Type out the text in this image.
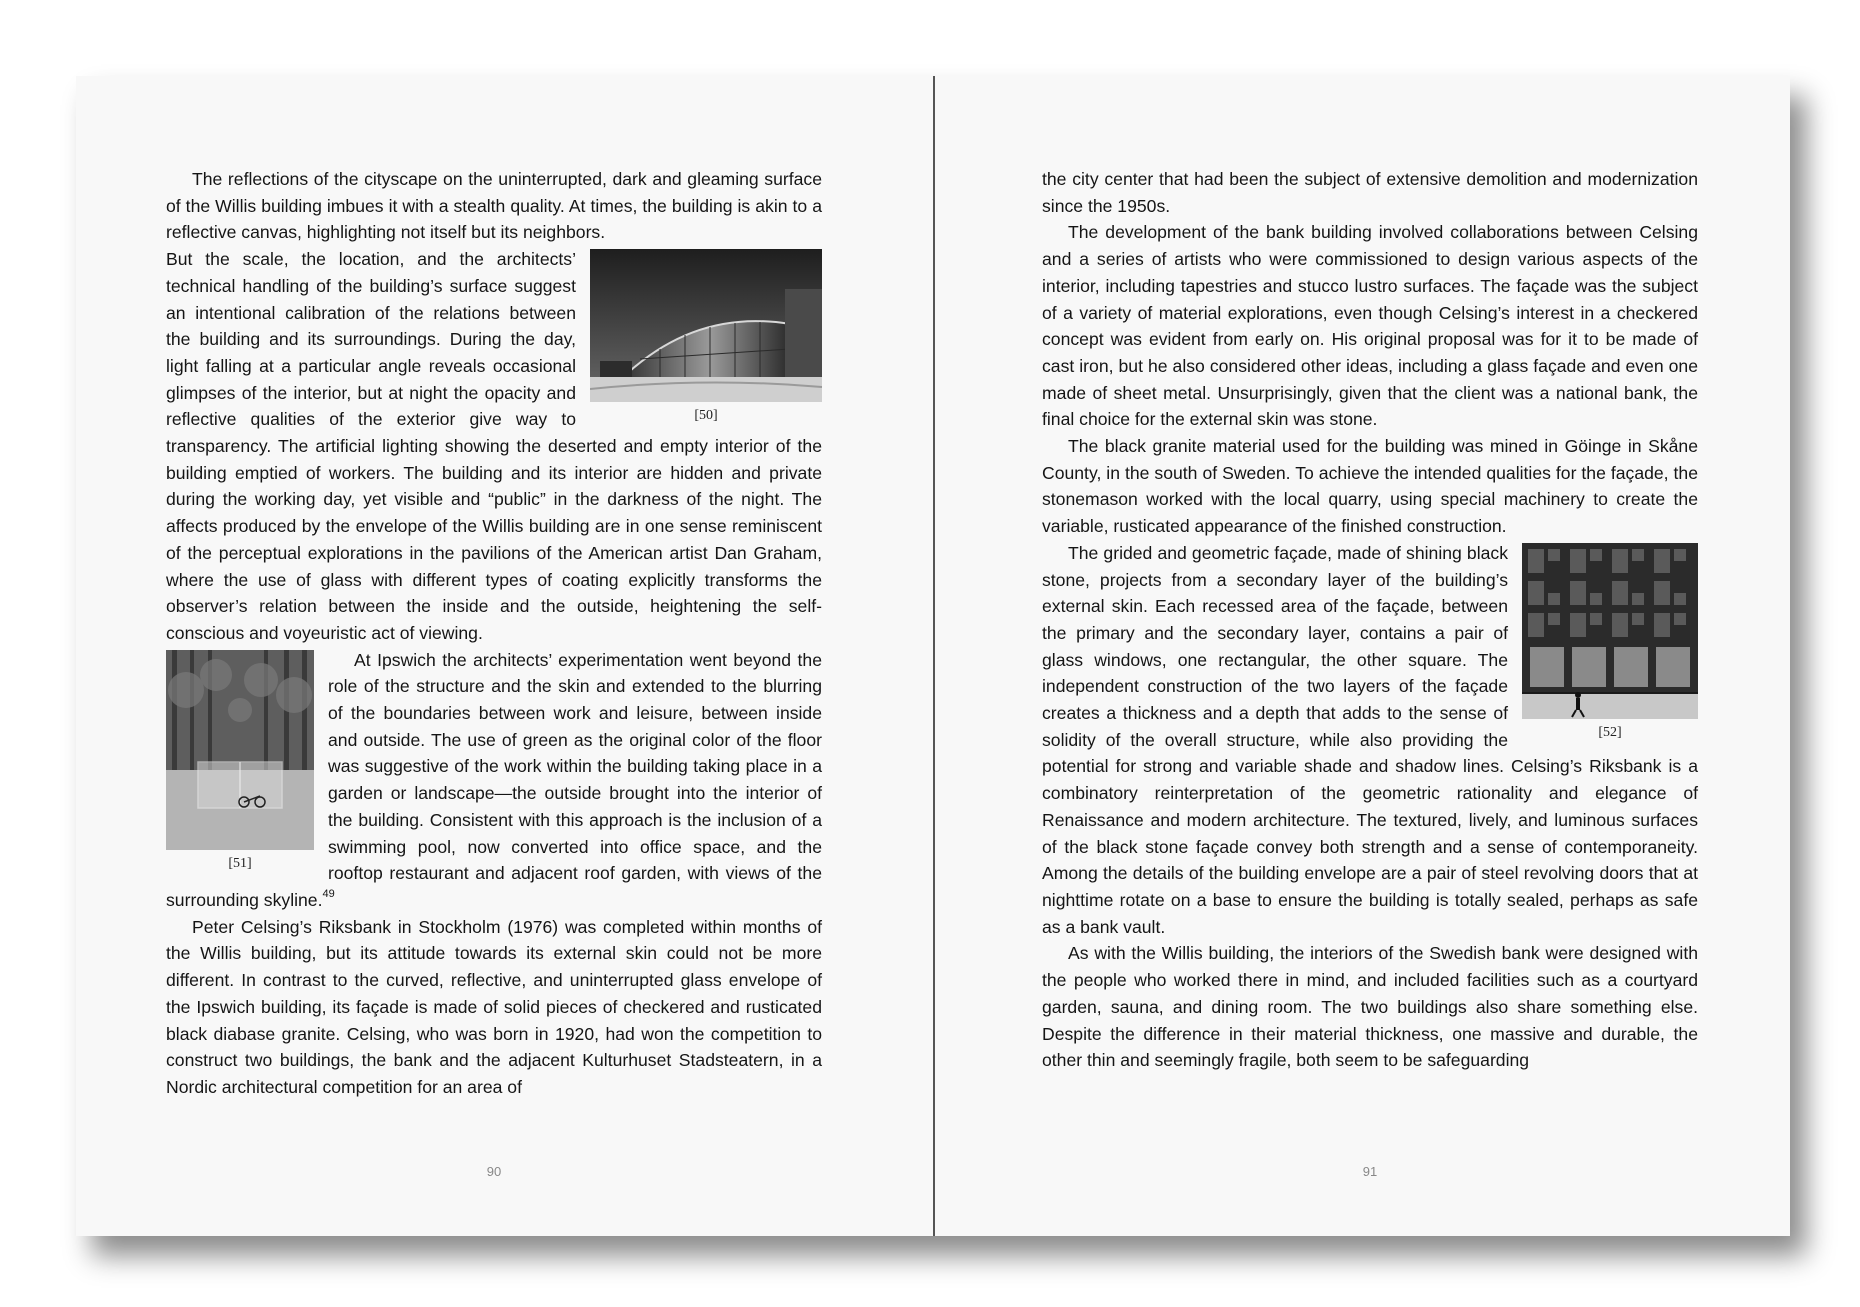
The reflections of the cityscape on the uninterrupted, dark and gleaming surface of the Willis building imbues it with a stealth quality. At times, the building is akin to a reflective canvas, highlighting not itself but its neighbors.

[50]

But the scale, the location, and the architects’ technical handling of the building’s surface suggest an intentional calibration of the relations between the building and its surroundings. During the day, light falling at a particular angle reveals occasional glimpses of the interior, but at night the opacity and reflective qualities of the exterior give way to transparency. The artificial lighting showing the deserted and empty interior of the building emptied of workers. The building and its interior are hidden and private during the working day, yet visible and “public” in the darkness of the night. The affects produced by the envelope of the Willis building are in one sense reminiscent of the perceptual explorations in the pavilions of the American artist Dan Graham, where the use of glass with different types of coating explicitly transforms the observer’s relation between the inside and the outside, heightening the self-conscious and voyeuristic act of viewing.

[51]

At Ipswich the architects’ experimentation went beyond the role of the structure and the skin and extended to the blurring of the boundaries between work and leisure, between inside and outside. The use of green as the original color of the floor was suggestive of the work within the building taking place in a garden or landscape—the outside brought into the interior of the building. Consistent with this approach is the inclusion of a swimming pool, now converted into office space, and the rooftop restaurant and adjacent roof garden, with views of the surrounding skyline.$^{49}$

Peter Celsing’s Riksbank in Stockholm (1976) was completed within months of the Willis building, but its attitude towards its external skin could not be more different. In contrast to the curved, reflective, and uninterrupted glass envelope of the Ipswich building, its façade is made of solid pieces of checkered and rusticated black diabase granite. Celsing, who was born in 1920, had won the competition to construct two buildings, the bank and the adjacent Kulturhuset Stadsteatern, in a Nordic architectural competition for an area of

90

the city center that had been the subject of extensive demolition and modernization since the 1950s.

The development of the bank building involved collaborations between Celsing and a series of artists who were commissioned to design various aspects of the interior, including tapestries and stucco lustro surfaces. The façade was the subject of a variety of material explorations, even though Celsing’s interest in a checkered concept was evident from early on. His original proposal was for it to be made of cast iron, but he also considered other ideas, including a glass façade and even one made of sheet metal. Unsurprisingly, given that the client was a national bank, the final choice for the external skin was stone.

The black granite material used for the building was mined in Göinge in Skåne County, in the south of Sweden. To achieve the intended qualities for the façade, the stonemason worked with the local quarry, using special machinery to create the variable, rusticated appearance of the finished construction.

[52]

The grided and geometric façade, made of shining black stone, projects from a secondary layer of the building’s external skin. Each recessed area of the façade, between the primary and the secondary layer, contains a pair of glass windows, one rectangular, the other square. The independent construction of the two layers of the façade creates a thickness and a depth that adds to the sense of solidity of the overall structure, while also providing the potential for strong and variable shade and shadow lines. Celsing’s Riksbank is a combinatory reinterpretation of the geometric rationality and elegance of Renaissance and modern architecture. The textured, lively, and luminous surfaces of the black stone façade convey both strength and a sense of contemporaneity. Among the details of the building envelope are a pair of steel revolving doors that at nighttime rotate on a base to ensure the building is totally sealed, perhaps as safe as a bank vault.

As with the Willis building, the interiors of the Swedish bank were designed with the people who worked there in mind, and included facilities such as a courtyard garden, sauna, and dining room. The two buildings also share something else. Despite the difference in their material thickness, one massive and durable, the other thin and seemingly fragile, both seem to be safeguarding

91
